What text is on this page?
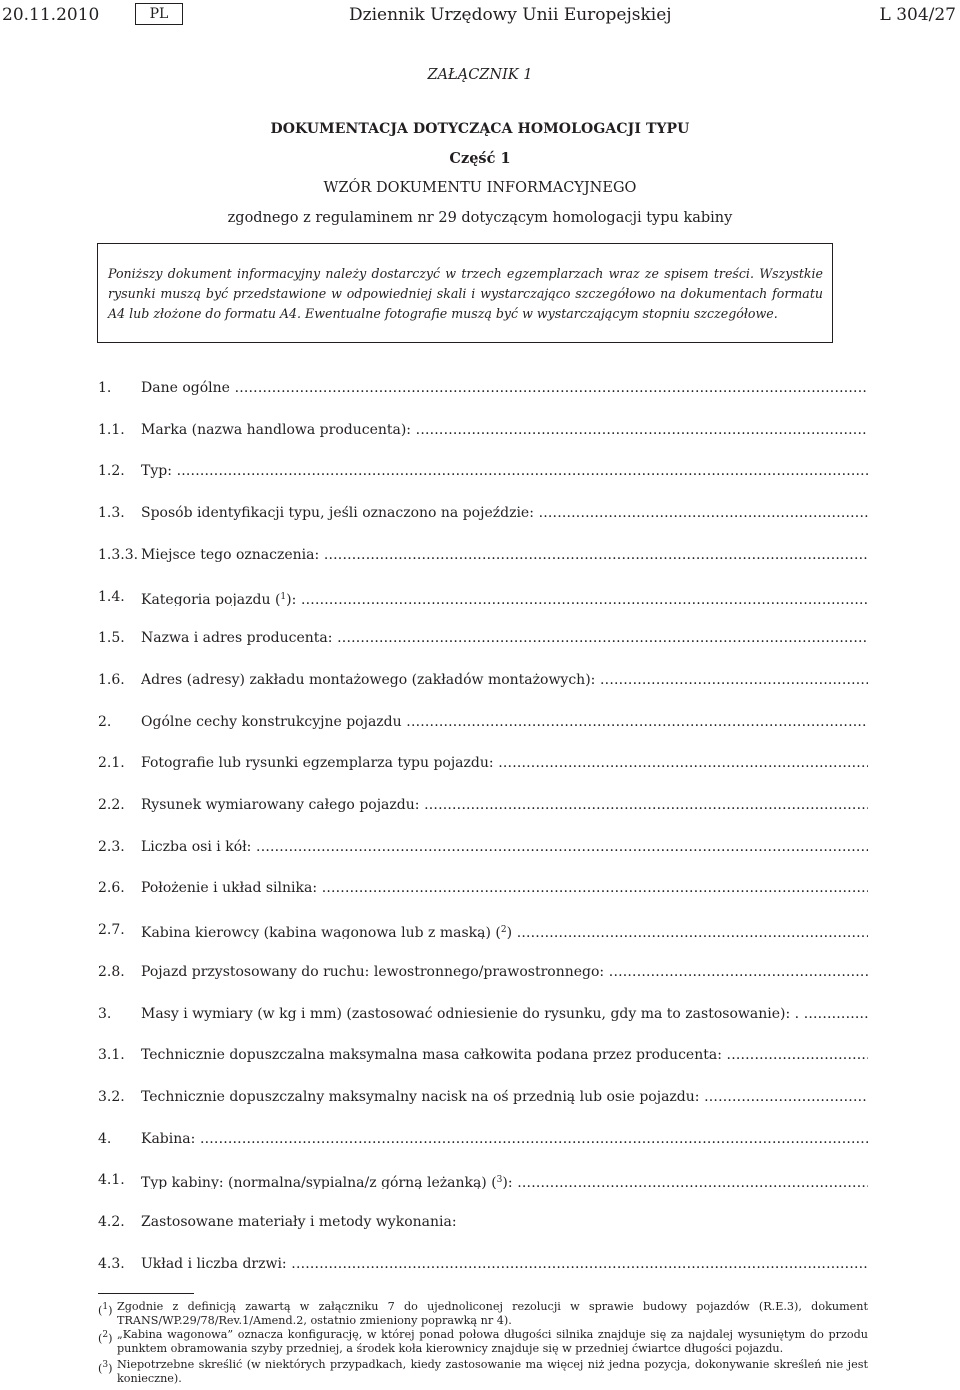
20.11.2010	PL	Dziennik Urzędowy Unii Europejskiej	L 304/27
ZAŁĄCZNIK 1
DOKUMENTACJA DOTYCZĄCA HOMOLOGACJI TYPU
Część 1
WZÓR DOKUMENTU INFORMACYJNEGO
zgodnego z regulaminem nr 29 dotyczącym homologacji typu kabiny
Poniższy dokument informacyjny należy dostarczyć w trzech egzemplarzach wraz ze spisem treści. Wszystkie rysunki muszą być przedstawione w odpowiedniej skali i wystarczająco szczegółowo na dokumentach formatu A4 lub złożone do formatu A4. Ewentualne fotografie muszą być w wystarczającym stopniu szczegółowe.
1. Dane ogólne .....
1.1. Marka (nazwa handlowa producenta): .....
1.2. Typ: .....
1.3. Sposób identyfikacji typu, jeśli oznaczono na pojeździe: .....
1.3.3. Miejsce tego oznaczenia: .....
1.4. Kategoria pojazdu ($^1$): .....
1.5. Nazwa i adres producenta: .....
1.6. Adres (adresy) zakładu montażowego (zakładów montażowych): .....
2. Ogólne cechy konstrukcyjne pojazdu .....
2.1. Fotografie lub rysunki egzemplarza typu pojazdu: .....
2.2. Rysunek wymiarowany całego pojazdu: .....
2.3. Liczba osi i kół: .....
2.6. Położenie i układ silnika: .....
2.7. Kabina kierowcy (kabina wagonowa lub z maską) ($^2$) .....
2.8. Pojazd przystosowany do ruchu: lewostronnego/prawostronnego: .....
3. Masy i wymiary (w kg i mm) (zastosować odniesienie do rysunku, gdy ma to zastosowanie): . .....
3.1. Technicznie dopuszczalna maksymalna masa całkowita podana przez producenta: .....
3.2. Technicznie dopuszczalny maksymalny nacisk na oś przednią lub osie pojazdu: .....
4. Kabina: .....
4.1. Typ kabiny: (normalna/sypialna/z górną leżanką) ($^3$): .....
4.2. Zastosowane materiały i metody wykonania:
4.3. Układ i liczba drzwi: .....
($^1$) Zgodnie z definicją zawartą w załączniku 7 do ujednoliconej rezolucji w sprawie budowy pojazdów (R.E.3), dokument TRANS/WP.29/78/Rev.1/Amend.2, ostatnio zmieniony poprawką nr 4).
($^2$) „Kabina wagonowa” oznacza konfigurację, w której ponad połowa długości silnika znajduje się za najdalej wysuniętym do przodu punktem obramowania szyby przedniej, a środek koła kierownicy znajduje się w przedniej ćwiartce długości pojazdu.
($^3$) Niepotrzebne skreślić (w niektórych przypadkach, kiedy zastosowanie ma więcej niż jedna pozycja, dokonywanie skreśleń nie jest konieczne).
